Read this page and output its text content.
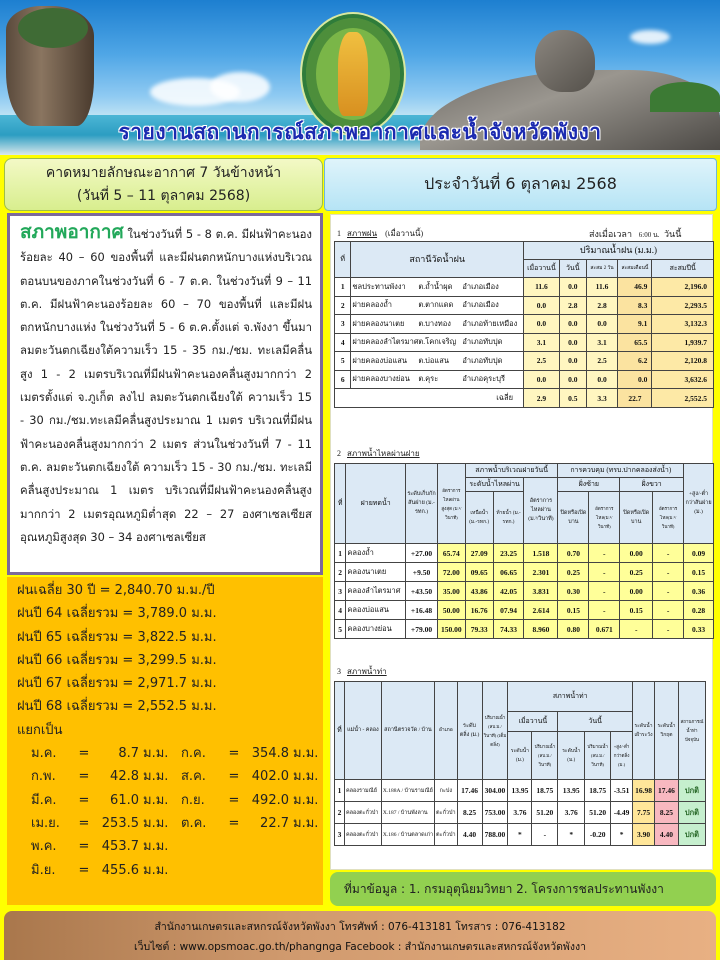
รายงานสถานการณ์สภาพอากาศและน้ำจังหวัดพังงา
คาดหมายลักษณะอากาศ 7 วันข้างหน้า
(วันที่ 5 – 11 ตุลาคม 2568)
ประจำวันที่ 6 ตุลาคม 2568
สภาพอากาศ ในช่วงวันที่ 5 - 8 ต.ค. มีฝนฟ้าคะนองร้อยละ 40 – 60 ของพื้นที่ และมีฝนตกหนักบางแห่งบริเวณตอนบนของภาคในช่วงวันที่ 6 - 7 ต.ค. ในช่วงวันที่ 9 – 11 ต.ค. มีฝนฟ้าคะนองร้อยละ 60 – 70 ของพื้นที่ และมีฝนตกหนักบางแห่ง ในช่วงวันที่ 5 - 6 ต.ค.ตั้งแต่ จ.พังงา ขึ้นมา ลมตะวันตกเฉียงใต้ความเร็ว 15 - 35 กม./ชม. ทะเลมีคลื่นสูง 1 - 2 เมตรบริเวณที่มีฝนฟ้าคะนองคลื่นสูงมากกว่า 2 เมตรตั้งแต่ จ.ภูเก็ต ลงไป ลมตะวันตกเฉียงใต้ ความเร็ว 15 - 30 กม./ชม.ทะเลมีคลื่นสูงประมาณ 1 เมตร บริเวณที่มีฝนฟ้าคะนองคลื่นสูงมากกว่า 2 เมตร ส่วนในช่วงวันที่ 7 - 11 ต.ค. ลมตะวันตกเฉียงใต้ ความเร็ว 15 - 30 กม./ชม. ทะเลมีคลื่นสูงประมาณ 1 เมตร บริเวณที่มีฝนฟ้าคะนองคลื่นสูงมากกว่า 2 เมตรอุณหภูมิต่ำสุด 22 – 27 องศาเซลเซียส อุณหภูมิสูงสุด 30 – 34 องศาเซลเซียส
ฝนเฉลี่ย 30 ปี = 2,840.70 ม.ม./ปี
ฝนปี 64 เฉลี่ยรวม = 3,789.0 ม.ม.
ฝนปี 65 เฉลี่ยรวม = 3,822.5 ม.ม.
ฝนปี 66 เฉลี่ยรวม = 3,299.5 ม.ม.
ฝนปี 67 เฉลี่ยรวม = 2,971.7 ม.ม.
ฝนปี 68 เฉลี่ยรวม = 2,552.5 ม.ม.
แยกเป็น
ม.ค.	=	8.7 ม.ม. ก.ค.	= 354.8 ม.ม.
ก.พ.	=	42.8 ม.ม. ส.ค.	= 402.0 ม.ม.
มี.ค.	=	61.0 ม.ม. ก.ย.	= 492.0 ม.ม.
เม.ย.	= 253.5 ม.ม. ต.ค.	=	22.7 ม.ม.
พ.ค.	= 453.7 ม.ม.
มิ.ย.	= 455.6 ม.ม.
1 สภาพฝน (เมื่อวานนี้)	ส่งเมื่อเวลา 6:00 น. วันนี้
ที่	สถานีวัดน้ำฝน	ปริมาณน้ำฝน (ม.ม.)				
		เมื่อวานนี้	วันนี้	สะสม 2 วัน	สะสมเดือนนี้	สะสมปีนี้
1	ชลประทานพังงา ต.ถ้ำน้ำผุด อำเภอเมือง	11.6	0.0	11.6	46.9	2,196.0
2	ฝายคลองถ้ำ ต.ตากแดด อำเภอเมือง	0.0	2.8	2.8	8.3	2,293.5
3	ฝายคลองนาเตย ต.บางทอง อำเภอท้ายเหมือง	0.0	0.0	0.0	9.1	3,132.3
4	ฝายคลองลำไตรมาศต.โคกเจริญ อำเภอทับปุด	3.1	0.0	3.1	65.5	1,939.7
5	ฝายคลองบ่อแสน ต.บ่อแสน อำเภอทับปุด	2.5	0.0	2.5	6.2	2,120.8
6	ฝายคลองบางย่อน ต.คุระ อำเภอคุระบุรี	0.0	0.0	0.0	0.0	3,632.6
เฉลี่ย		2.9	0.5	3.3	22.7	2,552.5
2 สภาพน้ำไหลผ่านฝาย
ที่	ฝายทดน้ำ	ระดับเก็บกักสันฝาย (ม.-รทก.)	อัตราการไหลผ่านสูงสุด (ม.³/วินาที)	สภาพน้ำบริเวณฝายวันนี้			การควบคุม (ทรบ.ปากคลองส่งน้ำ)				+สูง/-ต่ำกว่าสันฝาย (ม.)
				ระดับน้ำไหลผ่าน		อัตราการไหลผ่าน (ม.³/วินาที)	ฝั่งซ้าย		ฝั่งขวา		
				เหนือน้ำ (ม.-รทก.)	ท้ายน้ำ (ม.-รทก.)		ปิดหรือเปิดบาน	อัตราการไหล(ม.³/วินาที)	ปิดหรือเปิดบาน	อัตราการไหล(ม.³/วินาที)	
1	คลองถ้ำ	+27.00	65.74	27.09	23.25	1.518	0.70	-	0.00	-	0.09
2	คลองนาเตย	+9.50	72.00	09.65	06.65	2.301	0.25	-	0.25	-	0.15
3	คลองลำไตรมาศ	+43.50	35.00	43.86	42.05	3.831	0.30	-	0.00	-	0.36
4	คลองบ่อแสน	+16.48	50.00	16.76	07.94	2.614	0.15	-	0.15	-	0.28
5	คลองบางย่อน	+79.00	150.00	79.33	74.33	8.960	0.80	0.671	-	-	0.33
3 สภาพน้ำท่า
ที่	แม่น้ำ - คลอง	สถานีตรวจวัด / บ้าน	อำเภอ	ระดับตลิ่ง (ม.)	ปริมาณน้ำ (ลบ.ม./วินาที) (เต็มตลิ่ง)	สภาพน้ำท่า					ระดับน้ำเฝ้าระวัง	ระดับน้ำวิกฤต	สถานการณ์น้ำท่าปัจจุบัน
						เมื่อวานนี้		วันนี้					
						ระดับน้ำ (ม.)	ปริมาณน้ำ (ลบ.ม./วินาที)	ระดับน้ำ (ม.)	ปริมาณน้ำ (ลบ.ม./วินาที)	+สูง/-ต่ำกว่าตลิ่ง (ม.)			
1	คลองรามณีย์	X.188A / บ้านรามณีย์	กะปง	17.46	304.00	13.95	18.75	13.95	18.75	-3.51	16.98	17.46	ปกติ
2	คลองตะกั่วป่า	X.187 / บ้านพังลาน	ตะกั่วป่า	8.25	753.00	3.76	51.20	3.76	51.20	-4.49	7.75	8.25	ปกติ
3	คลองตะกั่วป่า	X.186 / บ้านตลาดเก่า	ตะกั่วป่า	4.40	788.00	*	-	*	-0.20	*	3.90	4.40	ปกติ
ที่มาข้อมูล : 1. กรมอุตุนิยมวิทยา 2. โครงการชลประทานพังงา
สำนักงานเกษตรและสหกรณ์จังหวัดพังงา โทรศัพท์ : 076-413181 โทรสาร : 076-413182
เว็บไซต์ : www.opsmoac.go.th/phangnga Facebook : สำนักงานเกษตรและสหกรณ์จังหวัดพังงา
